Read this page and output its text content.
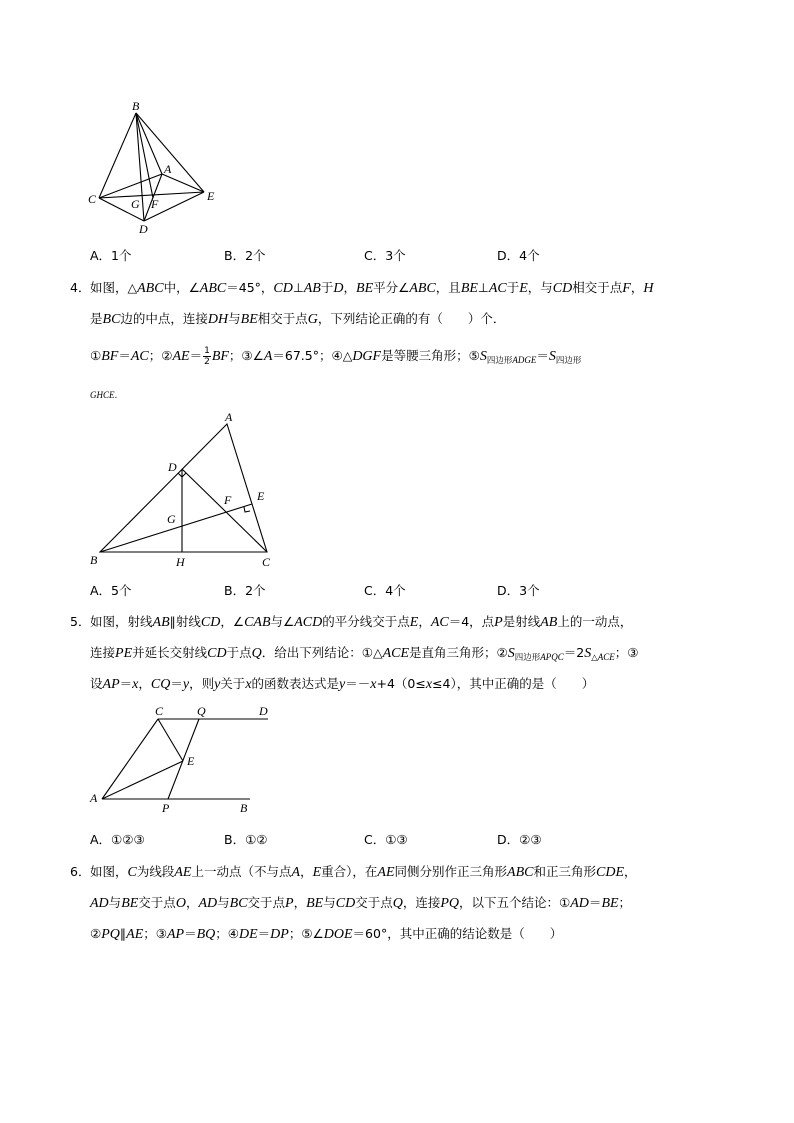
B
A
C	G F
E
D
A．1个	B．2个	C．3个	D．4个
4．如图，△ABC中，∠ABC＝45°，CD⊥AB于D，BE平分∠ABC，且BE⊥AC于E，与CD相交于点F，H
是BC边的中点，连接DH与BE相交于点G，下列结论正确的有（　　）个．
①BF＝AC；②AE＝ $\frac{1}{2}$ BF；③∠A＝67.5°；④△DGF是等腰三角形；$⑤S_{四边形ADGE}=S_{四边形}$
GHCE.
A
D
F E
G
B	H	C
A．5个	B．2个	C．4个	D．3个
5．如图，射线AB∥射线CD，∠CAB与∠ACD的平分线交于点E，AC＝4，点P是射线AB上的一动点，
连接PE并延长交射线CD于点Q．给出下列结论：①△ACE是直角三角形；$②S_{四边形APQC}=2S_{\triangle ACE}$；③
设AP＝x，CQ＝y，则y关于x的函数表达式是y＝－x+4（0≤x≤4），其中正确的是（　　）
C	Q	D
E
A
P	B
A．①②③	B．①②	C．①③	D．②③
6．如图，C为线段AE上一动点（不与点A，E重合），在AE同侧分别作正三角形ABC和正三角形CDE，
AD与BE交于点O，AD与BC交于点P，BE与CD交于点Q，连接PQ，以下五个结论：①AD＝BE；
②PQ∥AE；③AP＝BQ；④DE＝DP；⑤∠DOE＝60°，其中正确的结论数是（　　）
